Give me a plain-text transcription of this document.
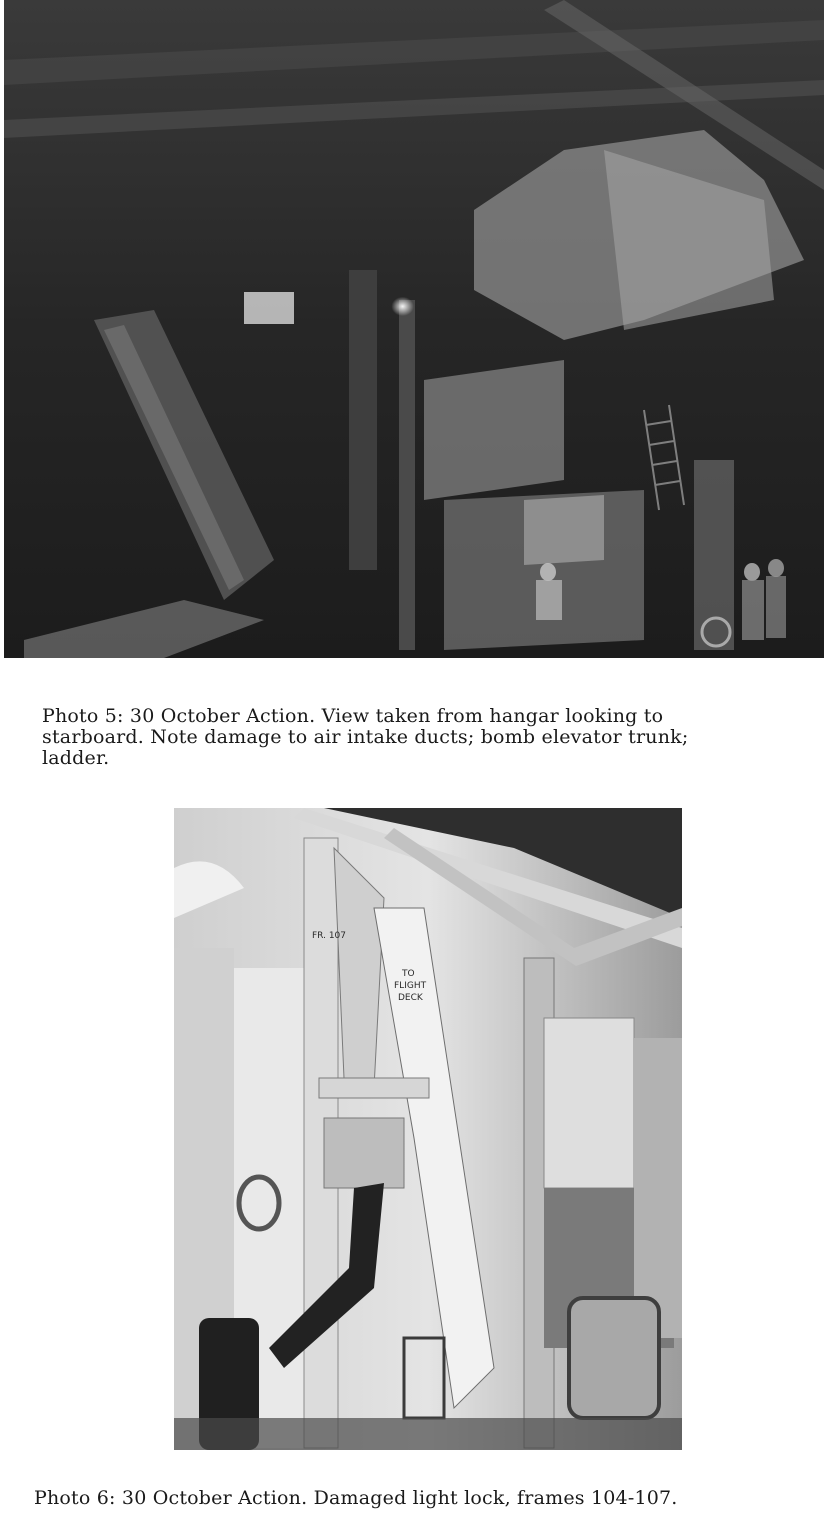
Photo 5: 30 October Action. View taken from hangar looking to
starboard. Note damage to air intake ducts; bomb elevator trunk;
ladder.

FR. 107
TO
FLIGHT
DECK

Photo 6: 30 October Action. Damaged light lock, frames 104-107.
